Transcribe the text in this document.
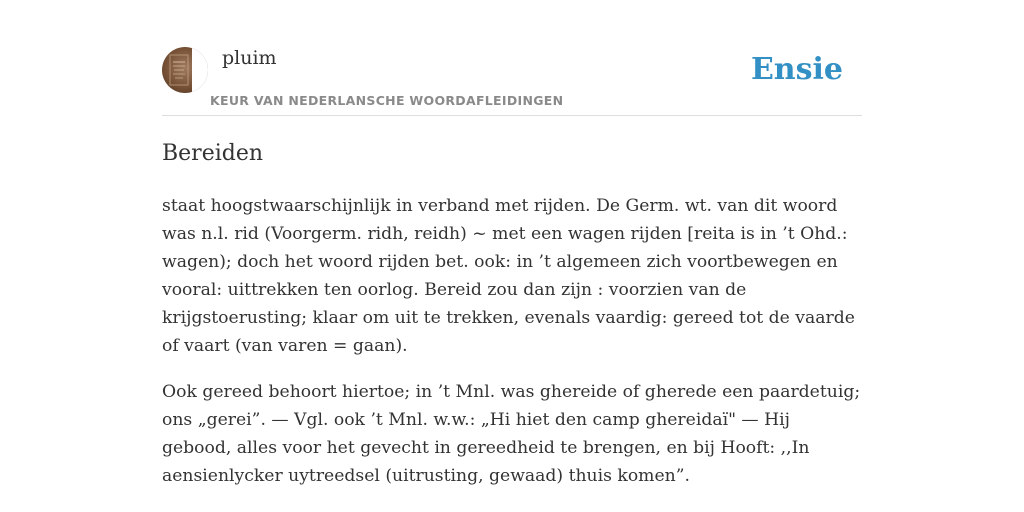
pluim
KEUR VAN NEDERLANSCHE WOORDAFLEIDINGEN
Ensie
Bereiden

staat hoogstwaarschijnlijk in verband met rijden. De Germ. wt. van dit woord was n.l. rid (Voorgerm. ridh, reidh) ~ met een wagen rijden [reita is in ’t Ohd.: wagen); doch het woord rijden bet. ook: in ’t algemeen zich voortbewegen en vooral: uittrekken ten oorlog. Bereid zou dan zijn : voorzien van de krijgstoerusting; klaar om uit te trekken, evenals vaardig: gereed tot de vaarde of vaart (van varen = gaan).

Ook gereed behoort hiertoe; in ’t Mnl. was ghereide of gherede een paardetuig; ons „gerei”. — Vgl. ook ’t Mnl. w.w.: „Hi hiet den camp ghereidaï" — Hij gebood, alles voor het gevecht in gereedheid te brengen, en bij Hooft: ,,In aensienlycker uytreedsel (uitrusting, gewaad) thuis komen”.
